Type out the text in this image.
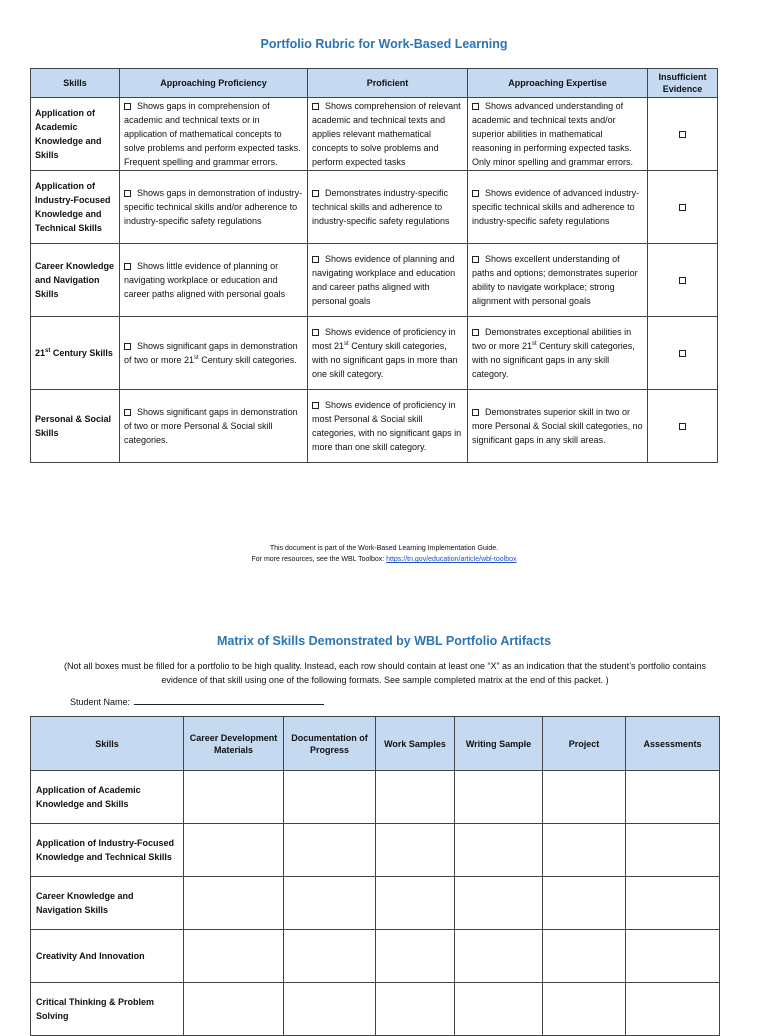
Portfolio Rubric for Work-Based Learning
Skills	Approaching Proficiency	Proficient	Approaching Expertise	Insufficient Evidence
Application of Academic Knowledge and Skills	Shows gaps in comprehension of academic and technical texts or in application of mathematical concepts to solve problems and perform expected tasks. Frequent spelling and grammar errors.	Shows comprehension of relevant academic and technical texts and applies relevant mathematical concepts to solve problems and perform expected tasks	Shows advanced understanding of academic and technical texts and/or superior abilities in mathematical reasoning in performing expected tasks. Only minor spelling and grammar errors.	
Application of Industry-Focused Knowledge and Technical Skills	Shows gaps in demonstration of industry-specific technical skills and/or adherence to industry-specific safety regulations	Demonstrates industry-specific technical skills and adherence to industry-specific safety regulations	Shows evidence of advanced industry-specific technical skills and adherence to industry-specific safety regulations	
Career Knowledge and Navigation Skills	Shows little evidence of planning or navigating workplace or education and career paths aligned with personal goals	Shows evidence of planning and navigating workplace and education and career paths aligned with personal goals	Shows excellent understanding of paths and options; demonstrates superior ability to navigate workplace; strong alignment with personal goals	
21st Century Skills	Shows significant gaps in demonstration of two or more 21st Century skill categories.	Shows evidence of proficiency in most 21st Century skill categories, with no significant gaps in more than one skill category.	Demonstrates exceptional abilities in two or more 21st Century skill categories, with no significant gaps in any skill category.	
Personal & Social Skills	Shows significant gaps in demonstration of two or more Personal & Social skill categories.	Shows evidence of proficiency in most Personal & Social skill categories, with no significant gaps in more than one skill category.	Demonstrates superior skill in two or more Personal & Social skill categories, no significant gaps in any skill areas.	
This document is part of the Work-Based Learning Implementation Guide.
For more resources, see the WBL Toolbox: https://tn.gov/education/article/wbl-toolbox
Matrix of Skills Demonstrated by WBL Portfolio Artifacts
(Not all boxes must be filled for a portfolio to be high quality. Instead, each row should contain at least one “X” as an indication that the student’s portfolio contains evidence of that skill using one of the following formats. See sample completed matrix at the end of this packet. )
Student Name:
Skills	Career Development Materials	Documentation of Progress	Work Samples	Writing Sample	Project	Assessments
Application of Academic Knowledge and Skills						
Application of Industry-Focused Knowledge and Technical Skills						
Career Knowledge and Navigation Skills						
Creativity And Innovation						
Critical Thinking & Problem Solving						
